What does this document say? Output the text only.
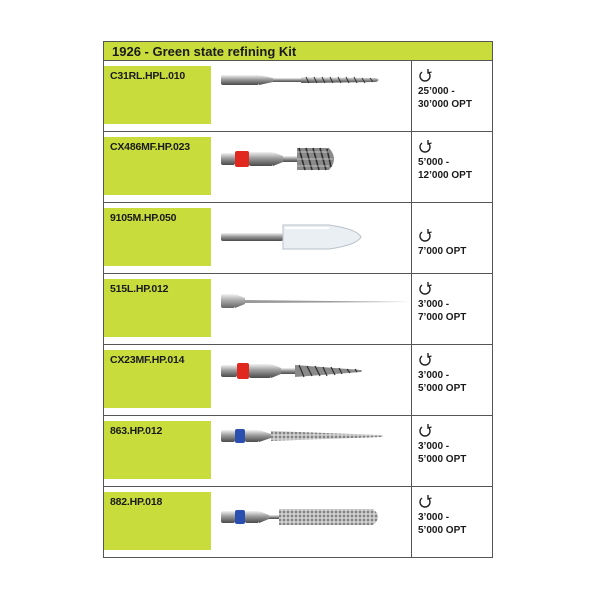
1926 - Green state refining Kit
C31RL.HPL.010
25’000 -
30’000 OPT
CX486MF.HP.023
5’000 -
12’000 OPT
9105M.HP.050
7’000 OPT
515L.HP.012
3’000 -
7’000 OPT
CX23MF.HP.014
3’000 -
5’000 OPT
863.HP.012
3’000 -
5’000 OPT
882.HP.018
3’000 -
5’000 OPT
